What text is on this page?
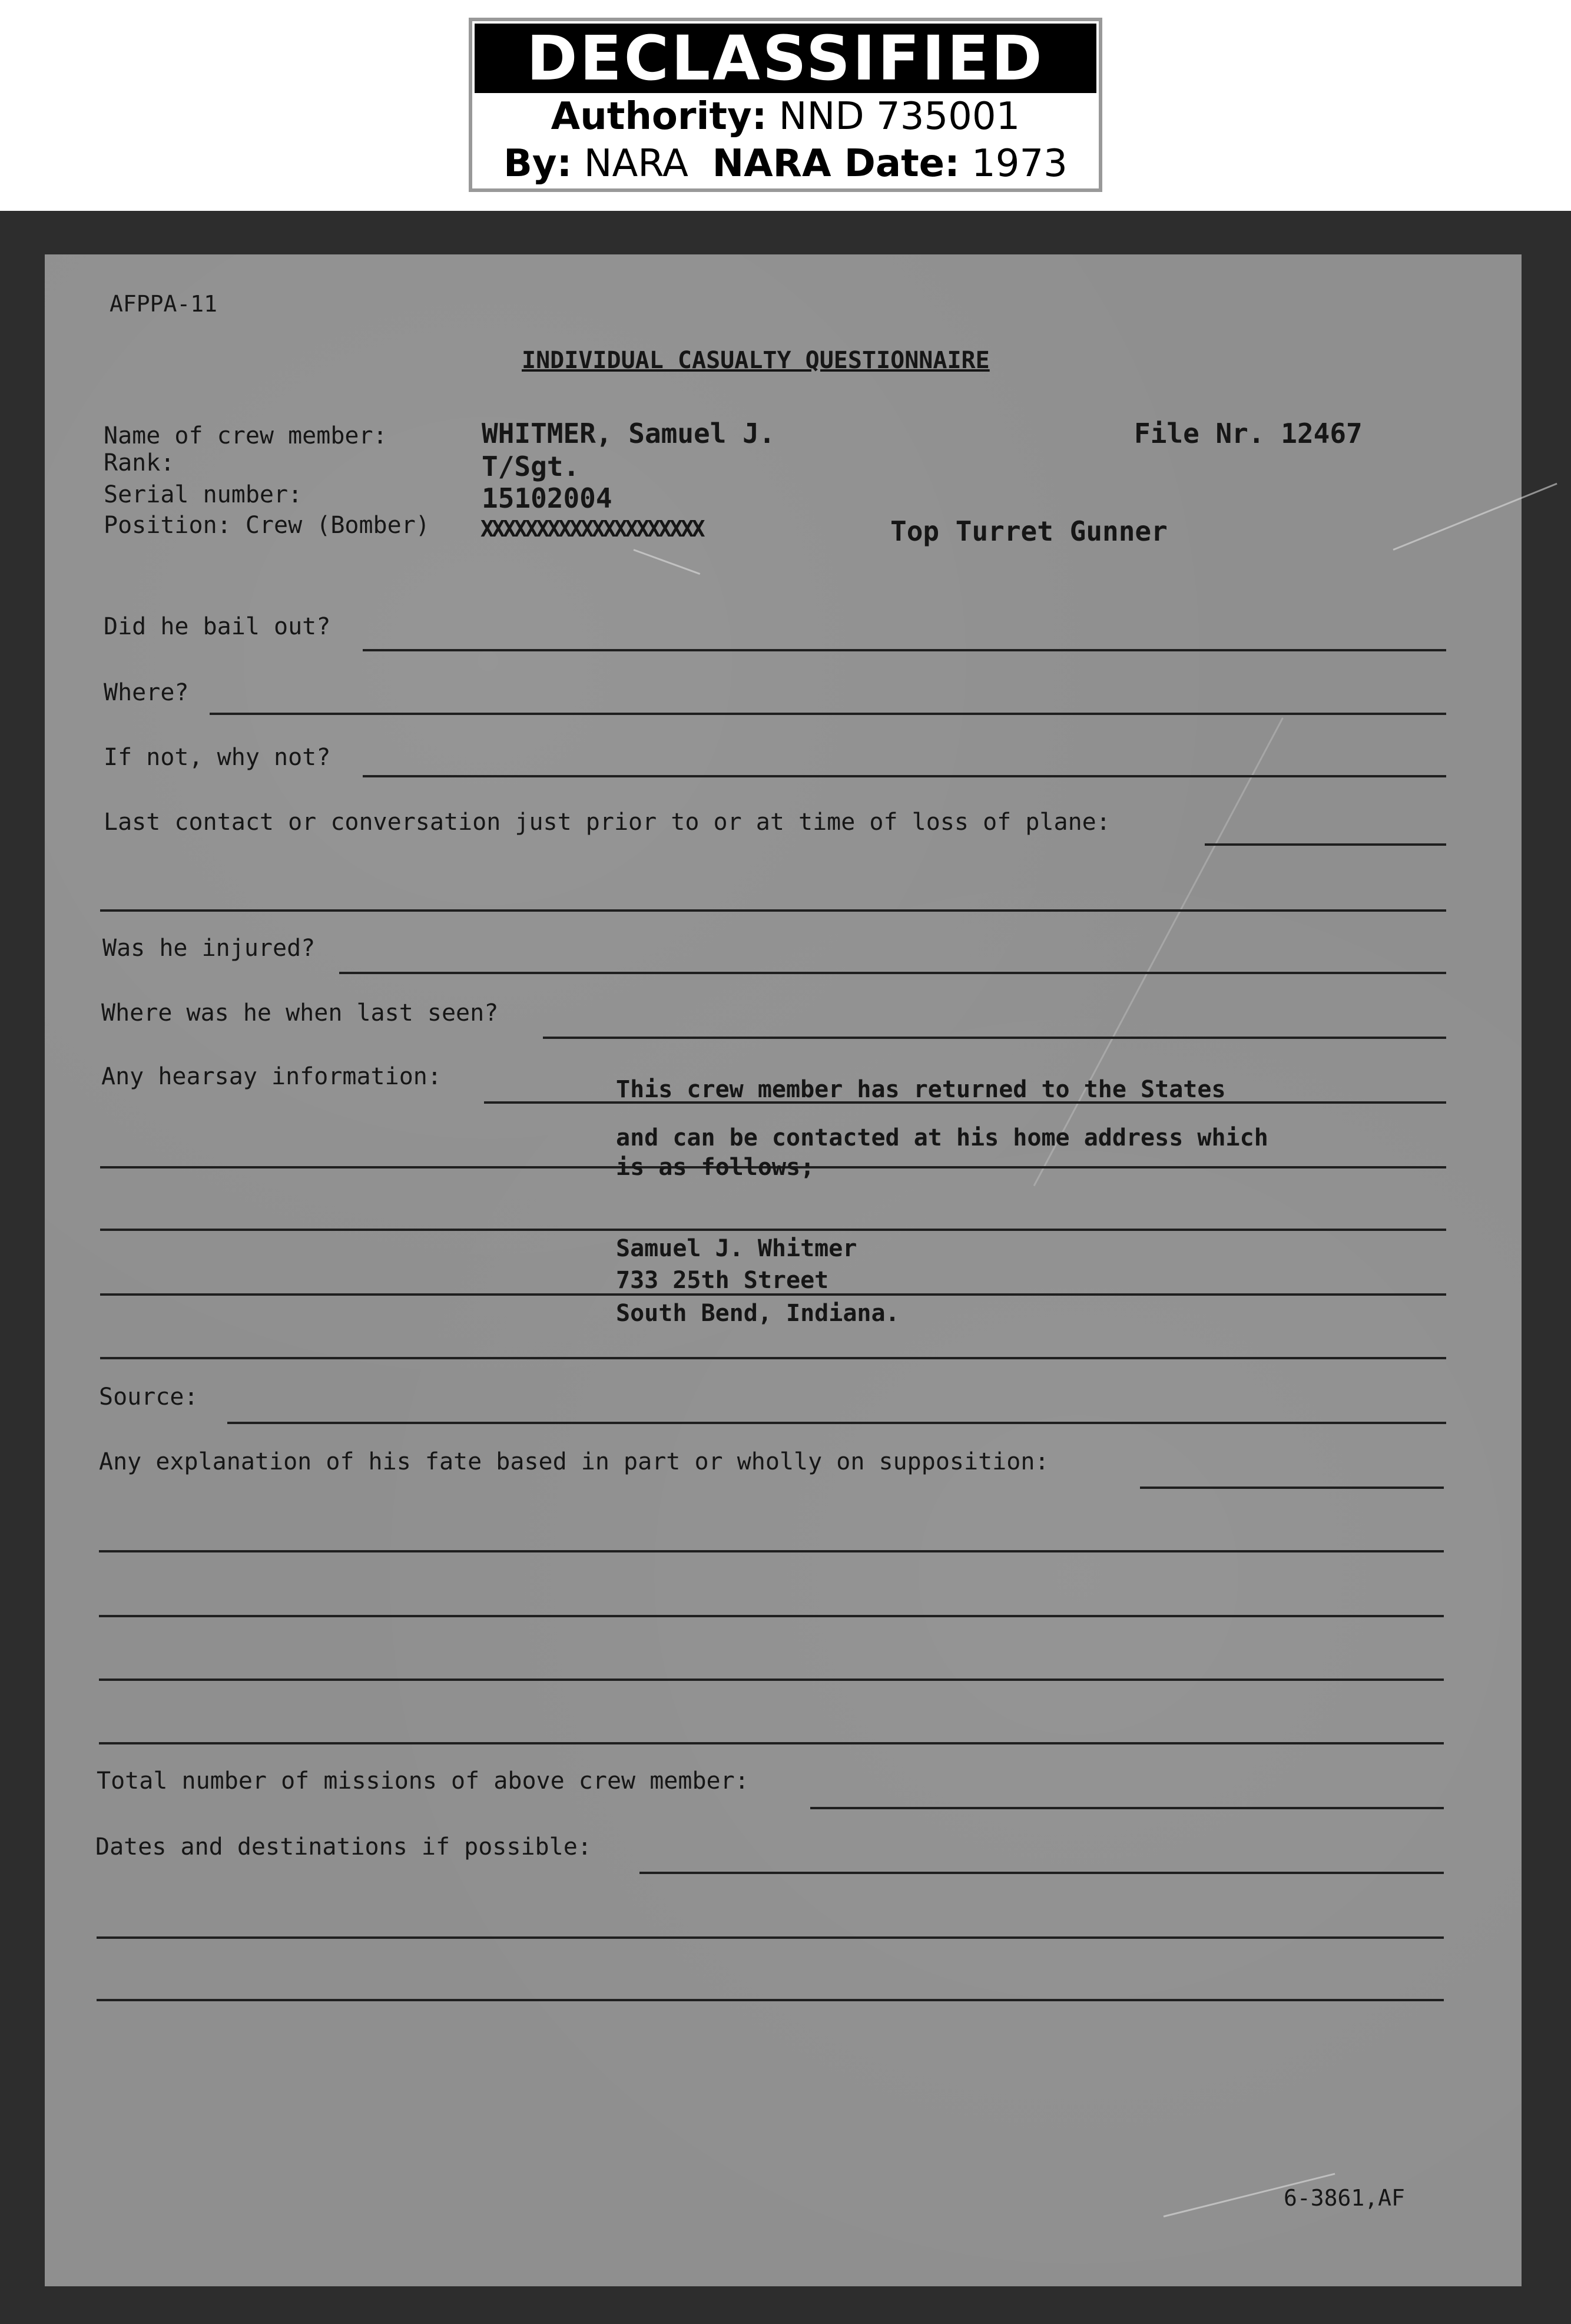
DECLASSIFIED
Authority: NND 735001
By: NARA NARA Date: 1973
AFPPA-11
INDIVIDUAL CASUALTY QUESTIONNAIRE
Name of crew member:	WHITMER, Samuel J.	File Nr. 12467
Rank:	T/Sgt.
Serial number:	15102004
Position: Crew (Bomber) XXXXXXXXXXXXXXXXXXXX	Top Turret Gunner
Did he bail out?
Where?
If not, why not?
Last contact or conversation just prior to or at time of loss of plane:
Was he injured?
Where was he when last seen?
Any hearsay information:	This crew member has returned to the States
and can be contacted at his home address which
is as follows;
Samuel J. Whitmer
733 25th Street
South Bend, Indiana.
Source:
Any explanation of his fate based in part or wholly on supposition:
Total number of missions of above crew member:
Dates and destinations if possible:
6-3861,AF
